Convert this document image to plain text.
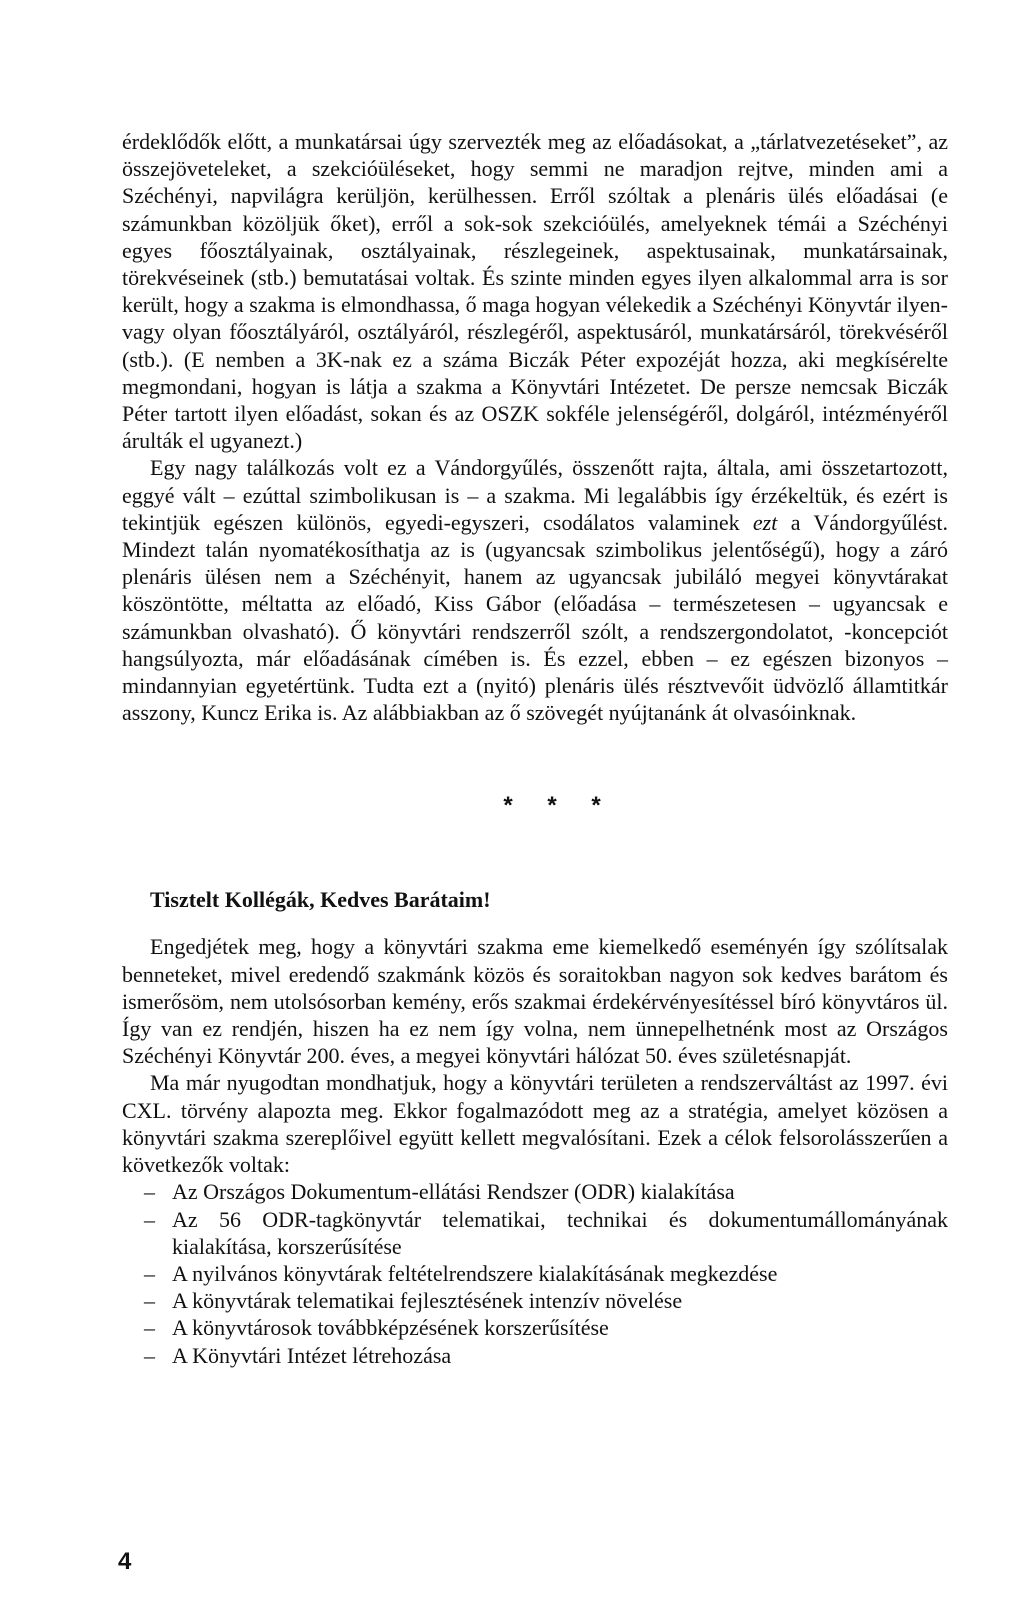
érdeklődők előtt, a munkatársai úgy szervezték meg az előadásokat, a „tárlatvezetéseket”, az összejöveteleket, a szekcióüléseket, hogy semmi ne maradjon rejtve, minden ami a Széchényi, napvilágra kerüljön, kerülhessen. Erről szóltak a plenáris ülés előadásai (e számunkban közöljük őket), erről a sok-sok szekcióülés, amelyeknek témái a Széchényi egyes főosztályainak, osztályainak, részlegeinek, aspektusainak, munkatársainak, törekvéseinek (stb.) bemutatásai voltak. És szinte minden egyes ilyen alkalommal arra is sor került, hogy a szakma is elmondhassa, ő maga hogyan vélekedik a Széchényi Könyvtár ilyen-vagy olyan főosztályáról, osztályáról, részlegéről, aspektusáról, munkatársáról, törekvéséről (stb.). (E nemben a 3K-nak ez a száma Biczák Péter expozéját hozza, aki megkísérelte megmondani, hogyan is látja a szakma a Könyvtári Intézetet. De persze nemcsak Biczák Péter tartott ilyen előadást, sokan és az OSZK sokféle jelenségéről, dolgáról, intézményéről árulták el ugyanezt.)

Egy nagy találkozás volt ez a Vándorgyűlés, összenőtt rajta, általa, ami összetartozott, eggyé vált – ezúttal szimbolikusan is – a szakma. Mi legalábbis így érzékeltük, és ezért is tekintjük egészen különös, egyedi-egyszeri, csodálatos valaminek ezt a Vándorgyűlést. Mindezt talán nyomatékosíthatja az is (ugyancsak szimbolikus jelentőségű), hogy a záró plenáris ülésen nem a Széchényit, hanem az ugyancsak jubiláló megyei könyvtárakat köszöntötte, méltatta az előadó, Kiss Gábor (előadása – természetesen – ugyancsak e számunkban olvasható). Ő könyvtári rendszerről szólt, a rendszergondolatot, -koncepciót hangsúlyozta, már előadásának címében is. És ezzel, ebben – ez egészen bizonyos – mindannyian egyetértünk. Tudta ezt a (nyitó) plenáris ülés résztvevőit üdvözlő államtitkár asszony, Kuncz Erika is. Az alábbiakban az ő szövegét nyújtanánk át olvasóinknak.

* * *
Tisztelt Kollégák, Kedves Barátaim!

Engedjétek meg, hogy a könyvtári szakma eme kiemelkedő eseményén így szólítsalak benneteket, mivel eredendő szakmánk közös és soraitokban nagyon sok kedves barátom és ismerősöm, nem utolsósorban kemény, erős szakmai érdekérvényesítéssel bíró könyvtáros ül. Így van ez rendjén, hiszen ha ez nem így volna, nem ünnepelhetnénk most az Országos Széchényi Könyvtár 200. éves, a megyei könyvtári hálózat 50. éves születésnapját.

Ma már nyugodtan mondhatjuk, hogy a könyvtári területen a rendszerváltást az 1997. évi CXL. törvény alapozta meg. Ekkor fogalmazódott meg az a stratégia, amelyet közösen a könyvtári szakma szereplőivel együtt kellett megvalósítani. Ezek a célok felsorolásszerűen a következők voltak:

– Az Országos Dokumentum-ellátási Rendszer (ODR) kialakítása
– Az 56 ODR-tagkönyvtár telematikai, technikai és dokumentumállományának kialakítása, korszerűsítése
– A nyilvános könyvtárak feltételrendszere kialakításának megkezdése
– A könyvtárak telematikai fejlesztésének intenzív növelése
– A könyvtárosok továbbképzésének korszerűsítése
– A Könyvtári Intézet létrehozása
4
